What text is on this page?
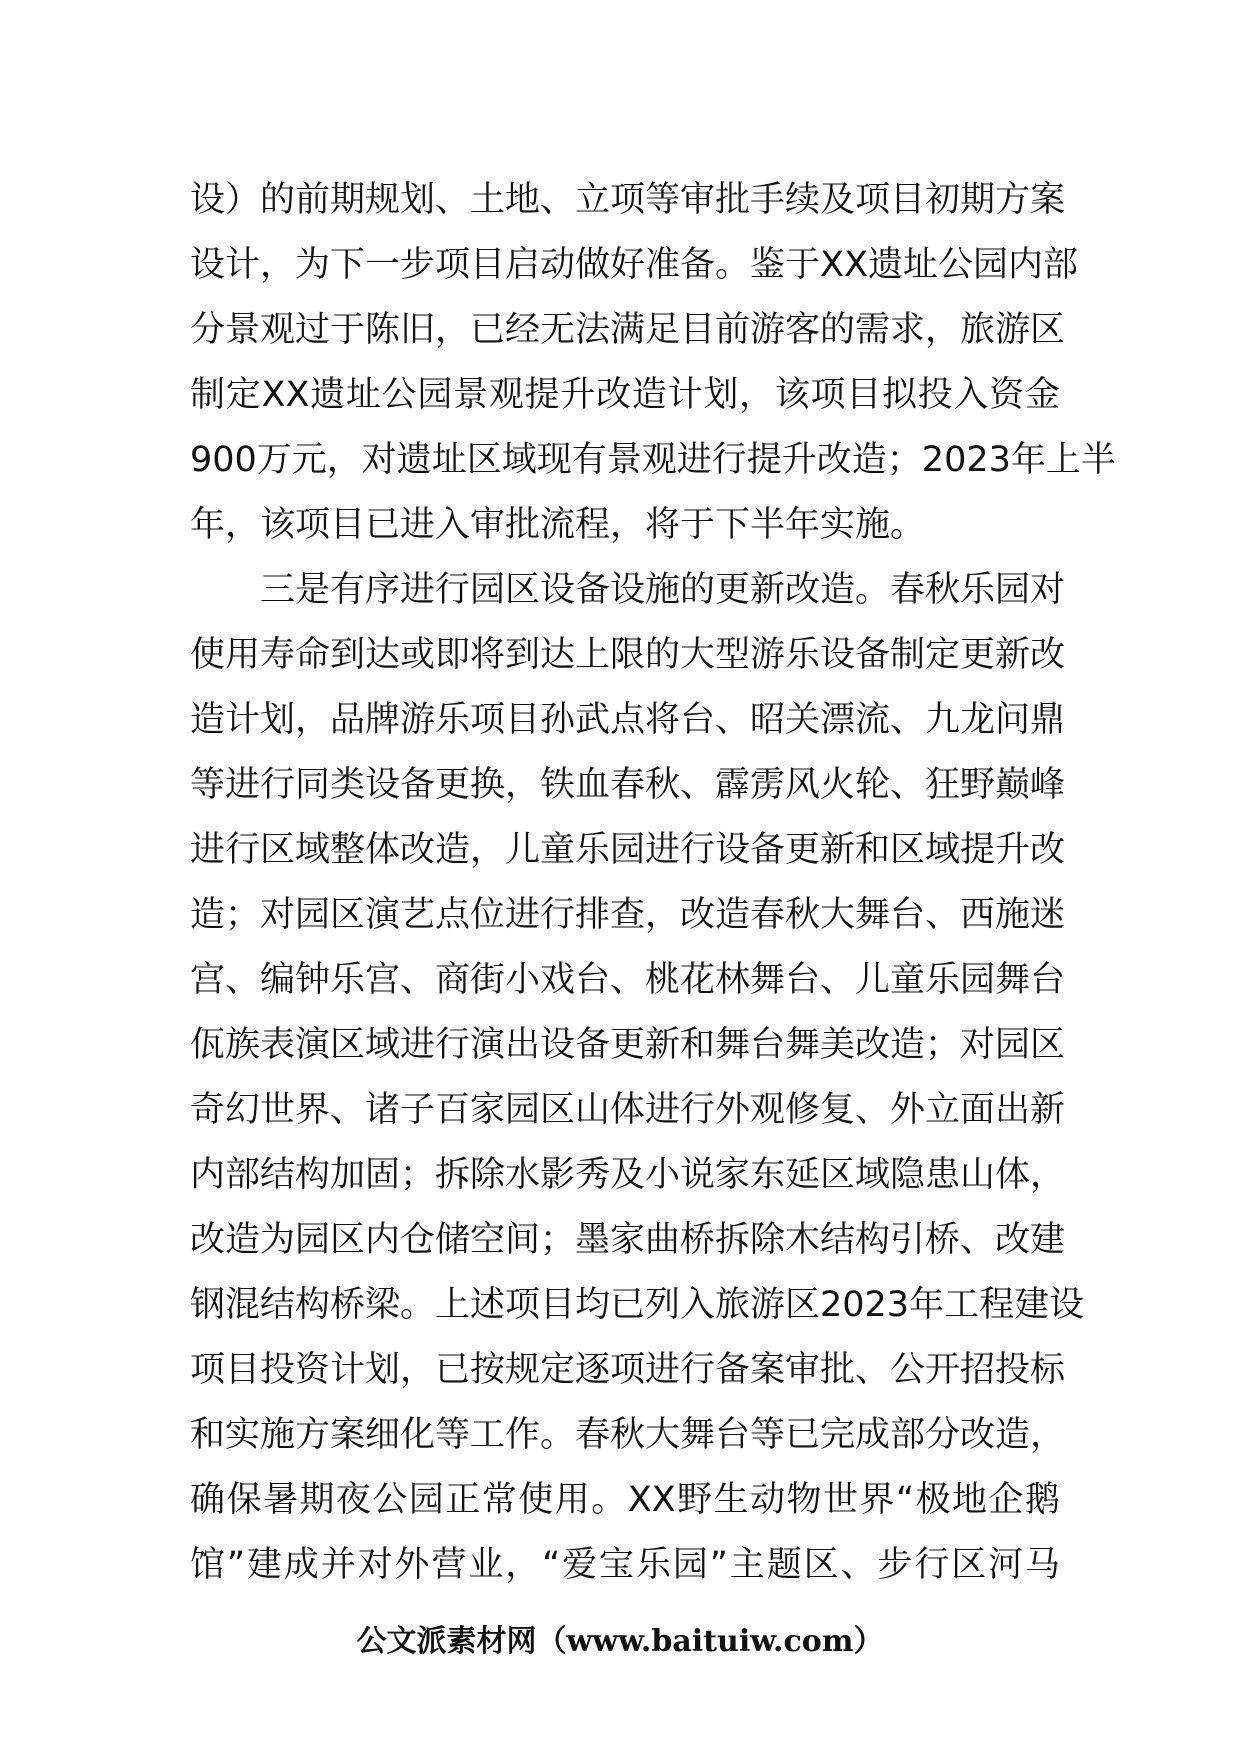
设）的前期规划、土地、立项等审批手续及项目初期方案
设计，为下一步项目启动做好准备。鉴于XX遗址公园内部
分景观过于陈旧，已经无法满足目前游客的需求，旅游区
制定XX遗址公园景观提升改造计划，该项目拟投入资金
900万元，对遗址区域现有景观进行提升改造；2023年上半
年，该项目已进入审批流程，将于下半年实施。
　　三是有序进行园区设备设施的更新改造。春秋乐园对
使用寿命到达或即将到达上限的大型游乐设备制定更新改
造计划，品牌游乐项目孙武点将台、昭关漂流、九龙问鼎
等进行同类设备更换，铁血春秋、霹雳风火轮、狂野巅峰
进行区域整体改造，儿童乐园进行设备更新和区域提升改
造；对园区演艺点位进行排查，改造春秋大舞台、西施迷
宫、编钟乐宫、商街小戏台、桃花林舞台、儿童乐园舞台
佤族表演区域进行演出设备更新和舞台舞美改造；对园区
奇幻世界、诸子百家园区山体进行外观修复、外立面出新
内部结构加固；拆除水影秀及小说家东延区域隐患山体，
改造为园区内仓储空间；墨家曲桥拆除木结构引桥、改建
钢混结构桥梁。上述项目均已列入旅游区2023年工程建设
项目投资计划，已按规定逐项进行备案审批、公开招投标
和实施方案细化等工作。春秋大舞台等已完成部分改造，
确保暑期夜公园正常使用。XX野生动物世界“极地企鹅
馆”建成并对外营业，“爱宝乐园”主题区、步行区河马
公文派素材网（www.baituiw.com）
